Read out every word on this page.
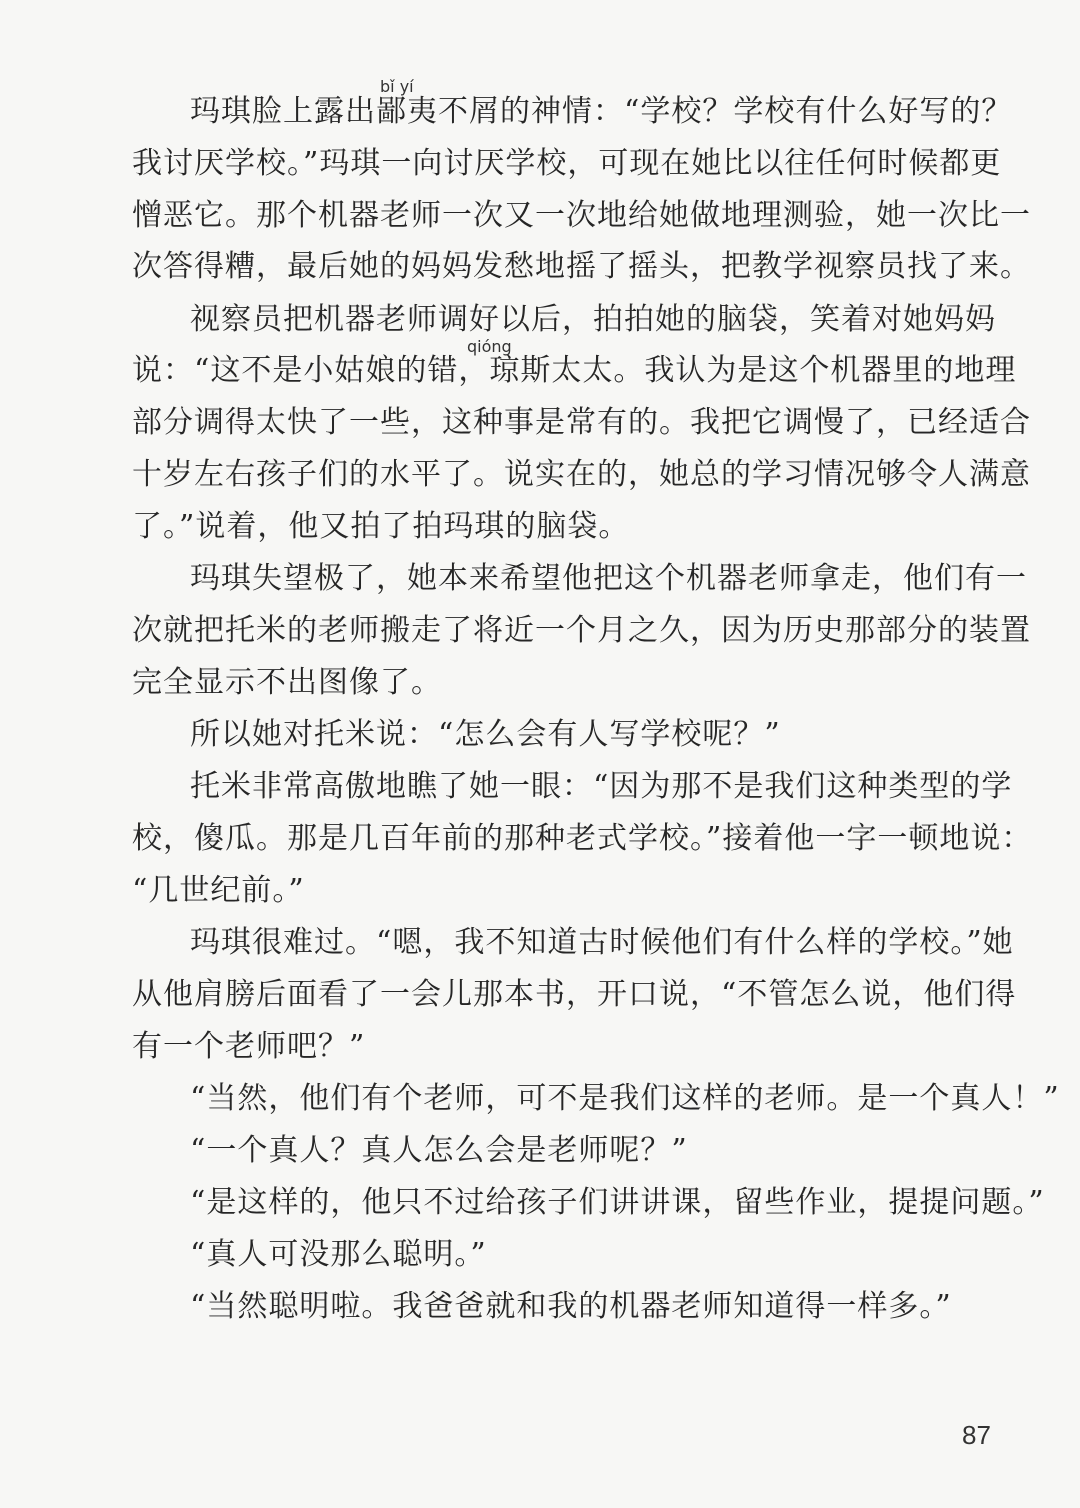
bǐ yí
qióng
玛琪脸上露出鄙夷不屑的神情：“学校？学校有什么好写的？
我讨厌学校。”玛琪一向讨厌学校，可现在她比以往任何时候都更
憎恶它。那个机器老师一次又一次地给她做地理测验，她一次比一
次答得糟，最后她的妈妈发愁地摇了摇头，把教学视察员找了来。
视察员把机器老师调好以后，拍拍她的脑袋，笑着对她妈妈
说：“这不是小姑娘的错，琼斯太太。我认为是这个机器里的地理
部分调得太快了一些，这种事是常有的。我把它调慢了，已经适合
十岁左右孩子们的水平了。说实在的，她总的学习情况够令人满意
了。”说着，他又拍了拍玛琪的脑袋。
玛琪失望极了，她本来希望他把这个机器老师拿走，他们有一
次就把托米的老师搬走了将近一个月之久，因为历史那部分的装置
完全显示不出图像了。
所以她对托米说：“怎么会有人写学校呢？”
托米非常高傲地瞧了她一眼：“因为那不是我们这种类型的学
校，傻瓜。那是几百年前的那种老式学校。”接着他一字一顿地说：
“几世纪前。”
玛琪很难过。“嗯，我不知道古时候他们有什么样的学校。”她
从他肩膀后面看了一会儿那本书，开口说，“不管怎么说，他们得
有一个老师吧？”
“当然，他们有个老师，可不是我们这样的老师。是一个真人！”
“一个真人？真人怎么会是老师呢？”
“是这样的，他只不过给孩子们讲讲课，留些作业，提提问题。”
“真人可没那么聪明。”
“当然聪明啦。我爸爸就和我的机器老师知道得一样多。”
87
